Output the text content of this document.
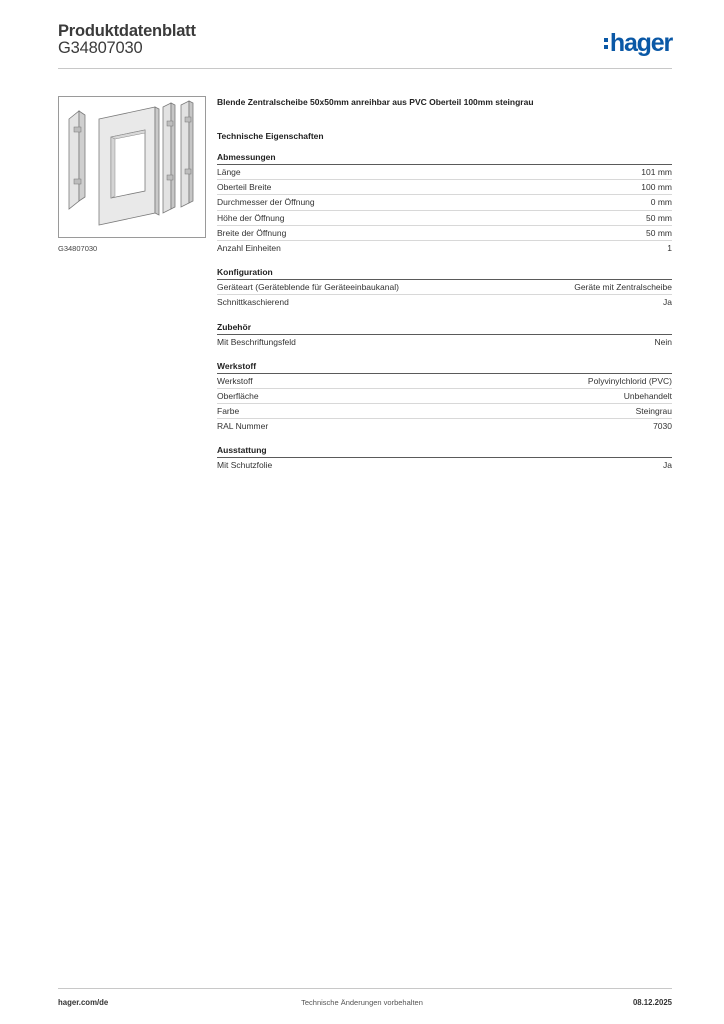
Produktdatenblatt
G34807030	hager
G34807030
Blende Zentralscheibe 50x50mm anreihbar aus PVC Oberteil 100mm steingrau
Technische Eigenschaften
Abmessungen
Länge	101 mm
Oberteil Breite	100 mm
Durchmesser der Öffnung	0 mm
Höhe der Öffnung	50 mm
Breite der Öffnung	50 mm
Anzahl Einheiten	1
Konfiguration
Geräteart (Geräteblende für Geräteeinbaukanal)	Geräte mit Zentralscheibe
Schnittkaschierend	Ja
Zubehör
Mit Beschriftungsfeld	Nein
Werkstoff
Werkstoff	Polyvinylchlorid (PVC)
Oberfläche	Unbehandelt
Farbe	Steingrau
RAL Nummer	7030
Ausstattung
Mit Schutzfolie	Ja
hager.com/de	Technische Änderungen vorbehalten	08.12.2025
